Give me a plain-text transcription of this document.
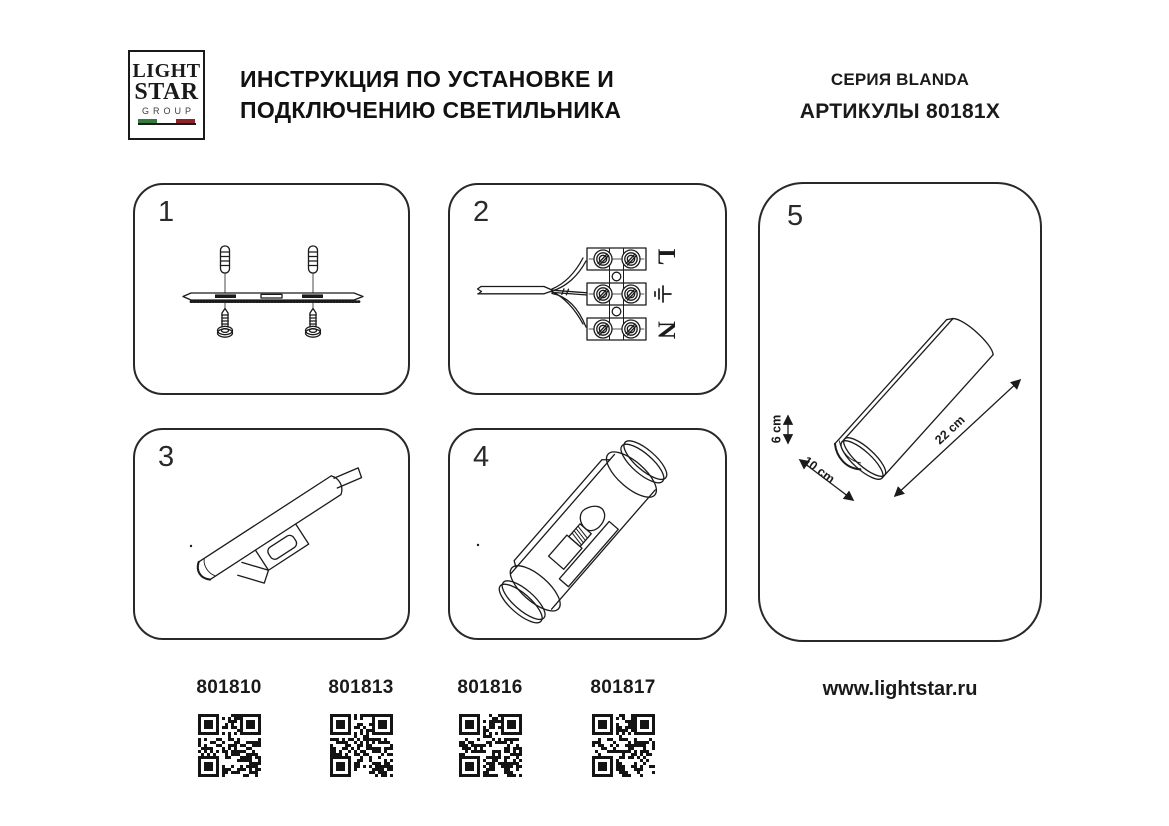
LIGHT
STAR
GROUP
ИНСТРУКЦИЯ ПО УСТАНОВКЕ И
ПОДКЛЮЧЕНИЮ СВЕТИЛЬНИКА
СЕРИЯ BLANDA
АРТИКУЛЫ 80181X
1	2
L
N
3	4
5
6 cm
10 cm
22 cm
801810	801813	801816	801817	www.lightstar.ru
